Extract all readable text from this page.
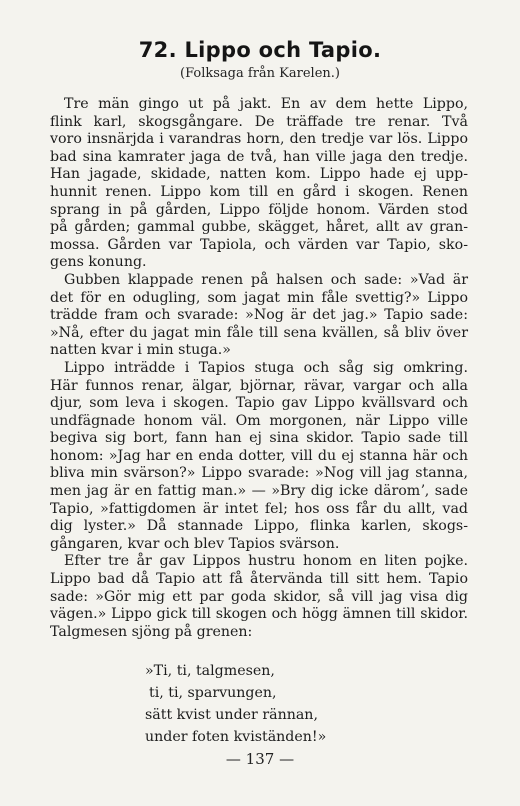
72. Lippo och Tapio.
(Folksaga från Karelen.)
Tre män gingo ut på jakt. En av dem hette Lippo,
flink karl, skogsgångare. De träffade tre renar. Två
voro insnärjda i varandras horn, den tredje var lös. Lippo
bad sina kamrater jaga de två, han ville jaga den tredje.
Han jagade, skidade, natten kom. Lippo hade ej upp-
hunnit renen. Lippo kom till en gård i skogen. Renen
sprang in på gården, Lippo följde honom. Värden stod
på gården; gammal gubbe, skägget, håret, allt av gran-
mossa. Gården var Tapiola, och värden var Tapio, sko-
gens konung.
Gubben klappade renen på halsen och sade: »Vad är
det för en odugling, som jagat min fåle svettig?» Lippo
trädde fram och svarade: »Nog är det jag.» Tapio sade:
»Nå, efter du jagat min fåle till sena kvällen, så bliv över
natten kvar i min stuga.»
Lippo inträdde i Tapios stuga och såg sig omkring.
Här funnos renar, älgar, björnar, rävar, vargar och alla
djur, som leva i skogen. Tapio gav Lippo kvällsvard och
undfägnade honom väl. Om morgonen, när Lippo ville
begiva sig bort, fann han ej sina skidor. Tapio sade till
honom: »Jag har en enda dotter, vill du ej stanna här och
bliva min svärson?» Lippo svarade: »Nog vill jag stanna,
men jag är en fattig man.» — »Bry dig icke däromʼ, sade
Tapio, »fattigdomen är intet fel; hos oss får du allt, vad
dig lyster.» Då stannade Lippo, flinka karlen, skogs-
gångaren, kvar och blev Tapios svärson.
Efter tre år gav Lippos hustru honom en liten pojke.
Lippo bad då Tapio att få återvända till sitt hem. Tapio
sade: »Gör mig ett par goda skidor, så vill jag visa dig
vägen.» Lippo gick till skogen och högg ämnen till skidor.
Talgmesen sjöng på grenen:
»Ti, ti, talgmesen,
ti, ti, sparvungen,
sätt kvist under rännan,
under foten kviständen!»
— 137 —
